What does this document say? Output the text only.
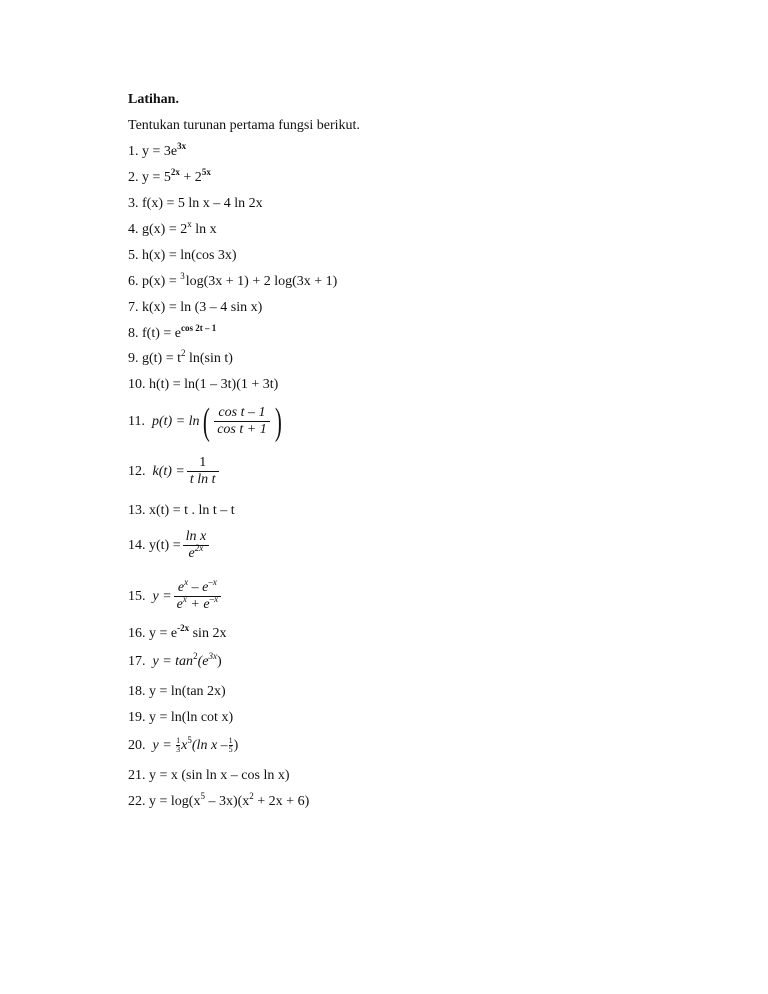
Latihan.
Tentukan turunan pertama fungsi berikut.
1. $y = 3e^{3x}$
2. $y = 5^{2x} + 2^{5x}$
3. f(x) = 5 ln x – 4 ln 2x
4. $g(x) = 2^x$ ln x
5. h(x) = ln(cos 3x)
6. p(x) = $^3$log(3x + 1) + 2 log(3x + 1)
7. k(x) = ln (3 – 4 sin x)
8. $f(t) = e^{cos 2t - 1}$
9. $g(t) = t^2$ ln(sin t)
10. h(t) = ln(1 – 3t)(1 + 3t)
11. $p(t) = \ln( \frac{\text{cos t – 1}}{\text{cos t + 1}}$ )
12. $k(t) = \frac{1}{\text{t ln t}}$
13. x(t) = t . ln t – t
14. $y(t) = \frac{\text{ln x}}{e^{2x}}$
15. $y = \frac{e^x - e^{-x}}{e^x + e^{-x}}$
16. $y = e^{-2x}$ sin 2x
17. $y = \tan^2(e^{3x})$
18. y = ln(tan 2x)
19. y = ln(ln cot x)
20. $y = \frac{1}{3} x^5(\ln$ x – $\frac{1}{5}$ )
21. y = x (sin ln x – cos ln x)
22. $y = \log(x^5 - 3x)(x^2 + 2x + 6)$
